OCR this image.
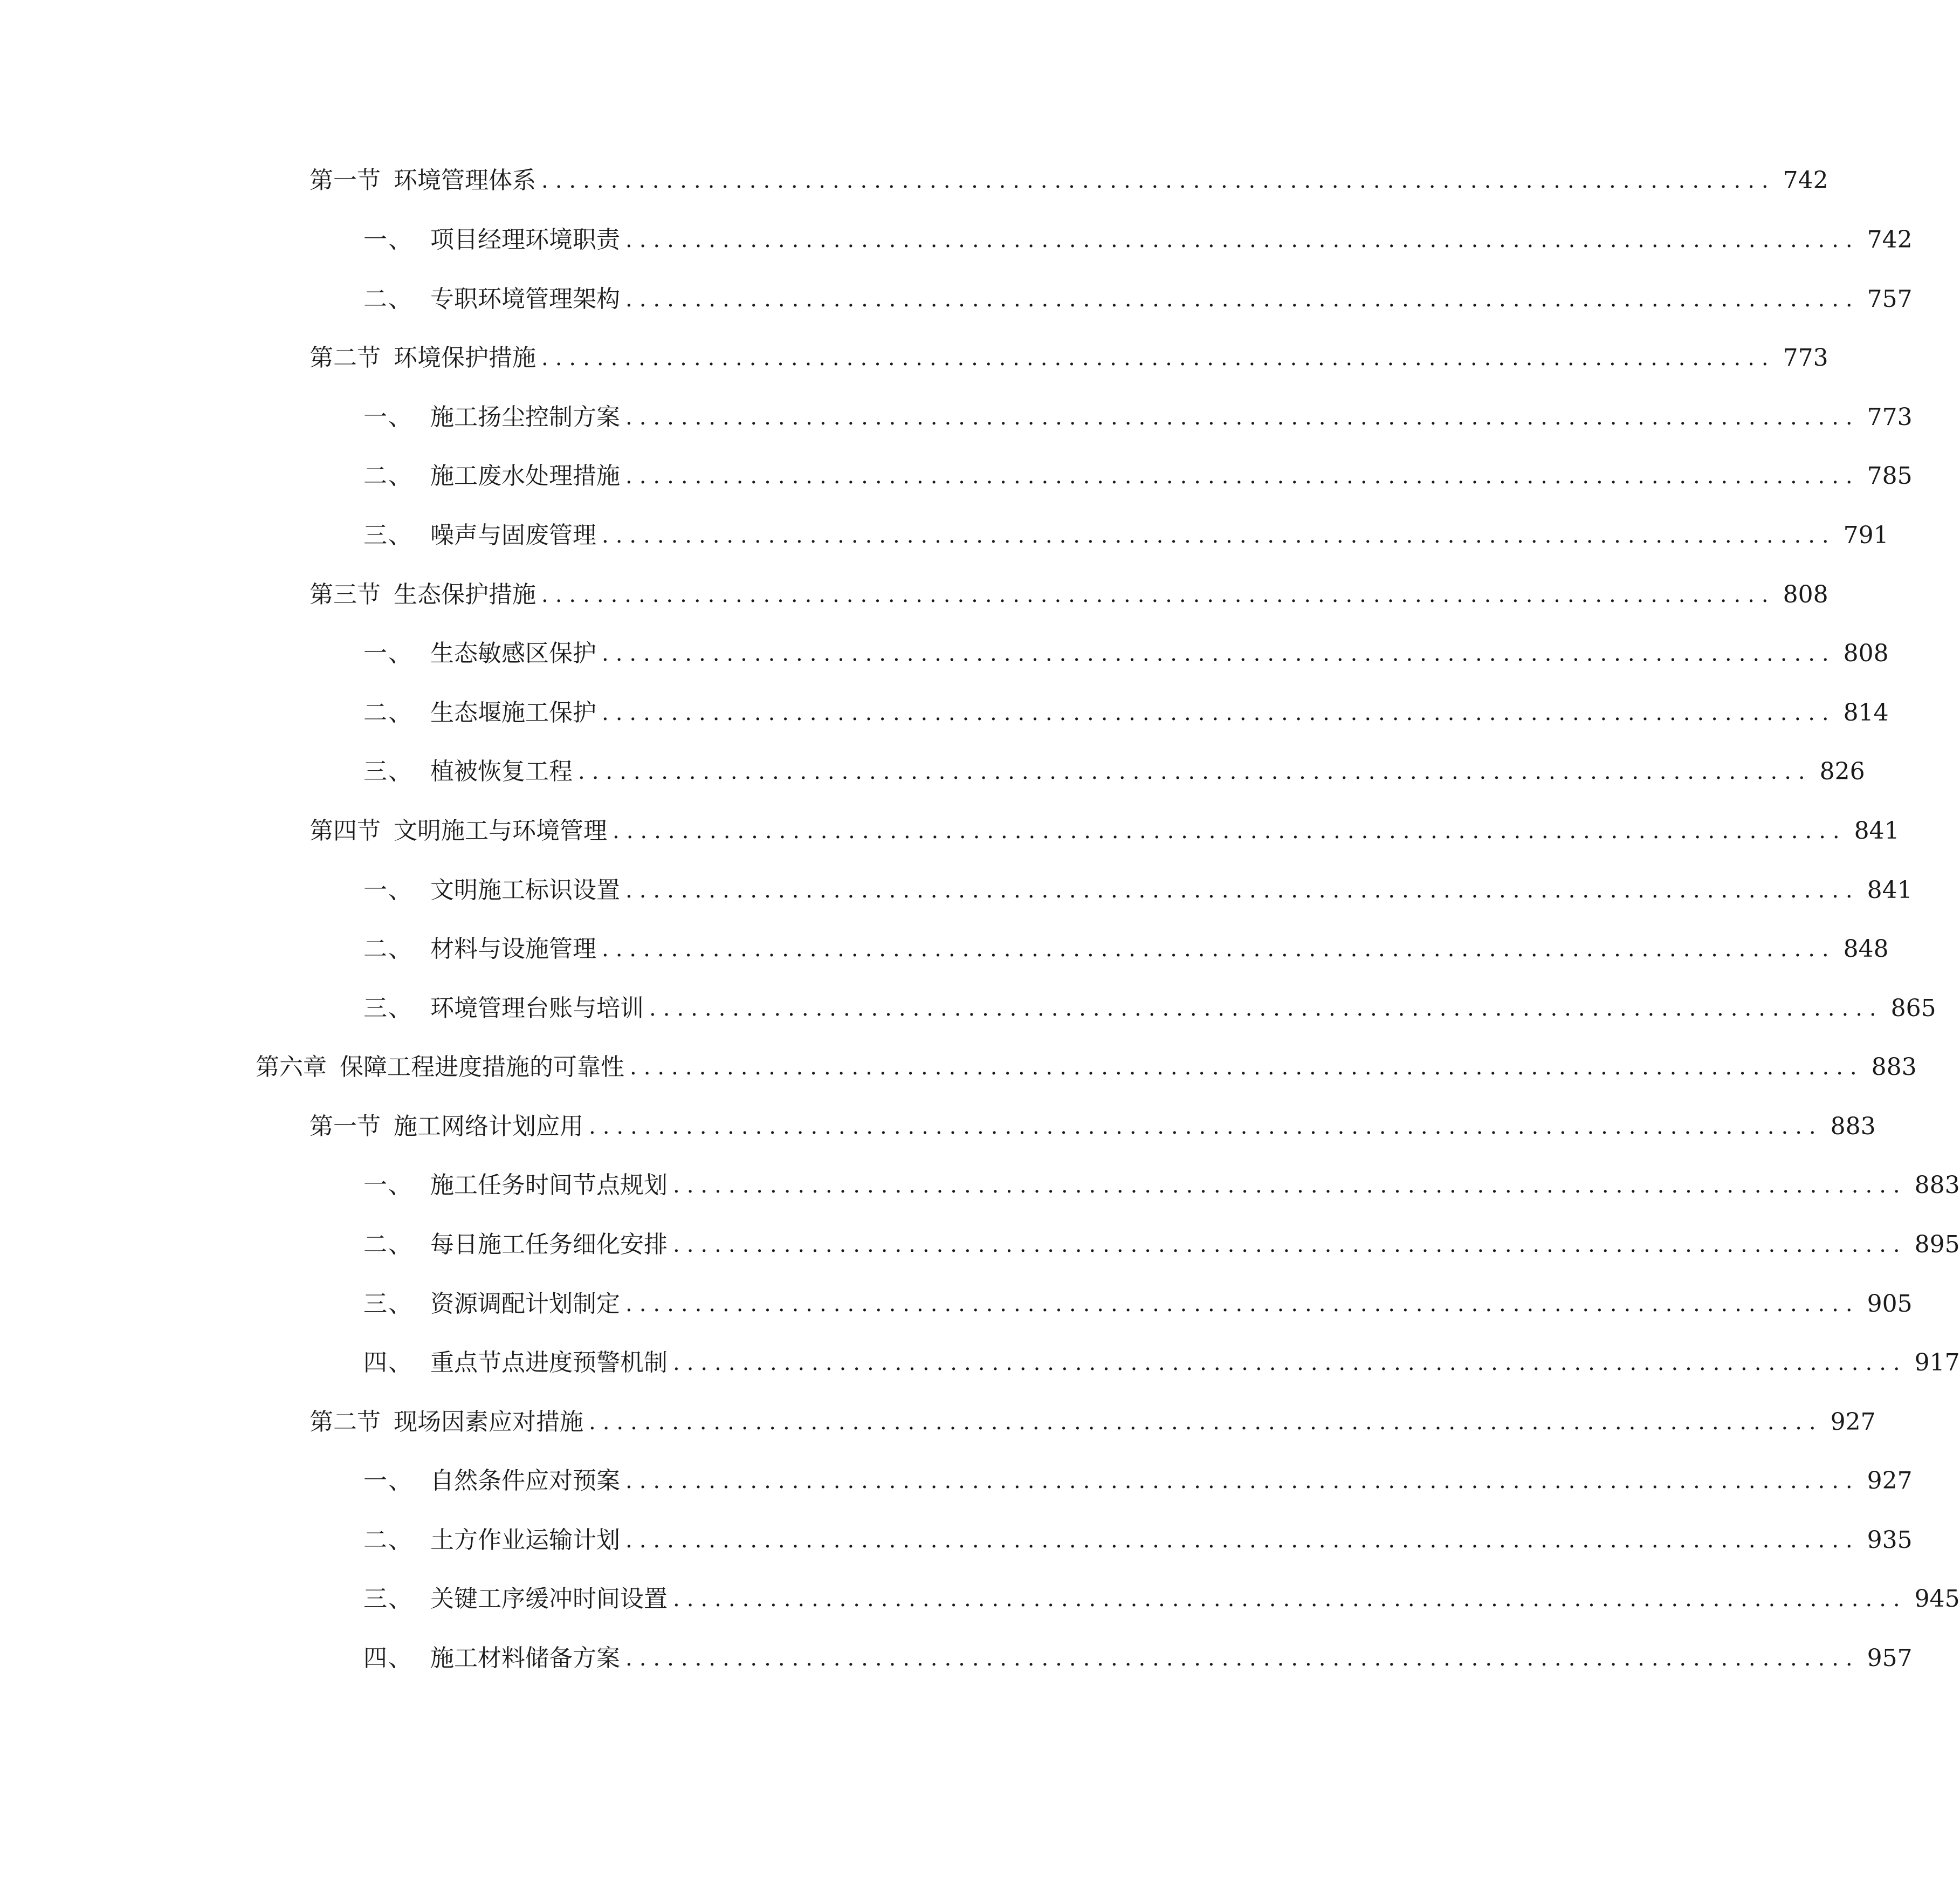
第一节 环境管理体系 ......................................................................................... 742
一、 项目经理环境职责 ......................................................................................... 742
二、 专职环境管理架构 ......................................................................................... 757
第二节 环境保护措施 ......................................................................................... 773
一、 施工扬尘控制方案 ......................................................................................... 773
二、 施工废水处理措施 ......................................................................................... 785
三、 噪声与固废管理 ......................................................................................... 791
第三节 生态保护措施 ......................................................................................... 808
一、 生态敏感区保护 ......................................................................................... 808
二、 生态堰施工保护 ......................................................................................... 814
三、 植被恢复工程 ......................................................................................... 826
第四节 文明施工与环境管理 ......................................................................................... 841
一、 文明施工标识设置 ......................................................................................... 841
二、 材料与设施管理 ......................................................................................... 848
三、 环境管理台账与培训 ......................................................................................... 865
第六章 保障工程进度措施的可靠性 ......................................................................................... 883
第一节 施工网络计划应用 ......................................................................................... 883
一、 施工任务时间节点规划 ......................................................................................... 883
二、 每日施工任务细化安排 ......................................................................................... 895
三、 资源调配计划制定 ......................................................................................... 905
四、 重点节点进度预警机制 ......................................................................................... 917
第二节 现场因素应对措施 ......................................................................................... 927
一、 自然条件应对预案 ......................................................................................... 927
二、 土方作业运输计划 ......................................................................................... 935
三、 关键工序缓冲时间设置 ......................................................................................... 945
四、 施工材料储备方案 ......................................................................................... 957
